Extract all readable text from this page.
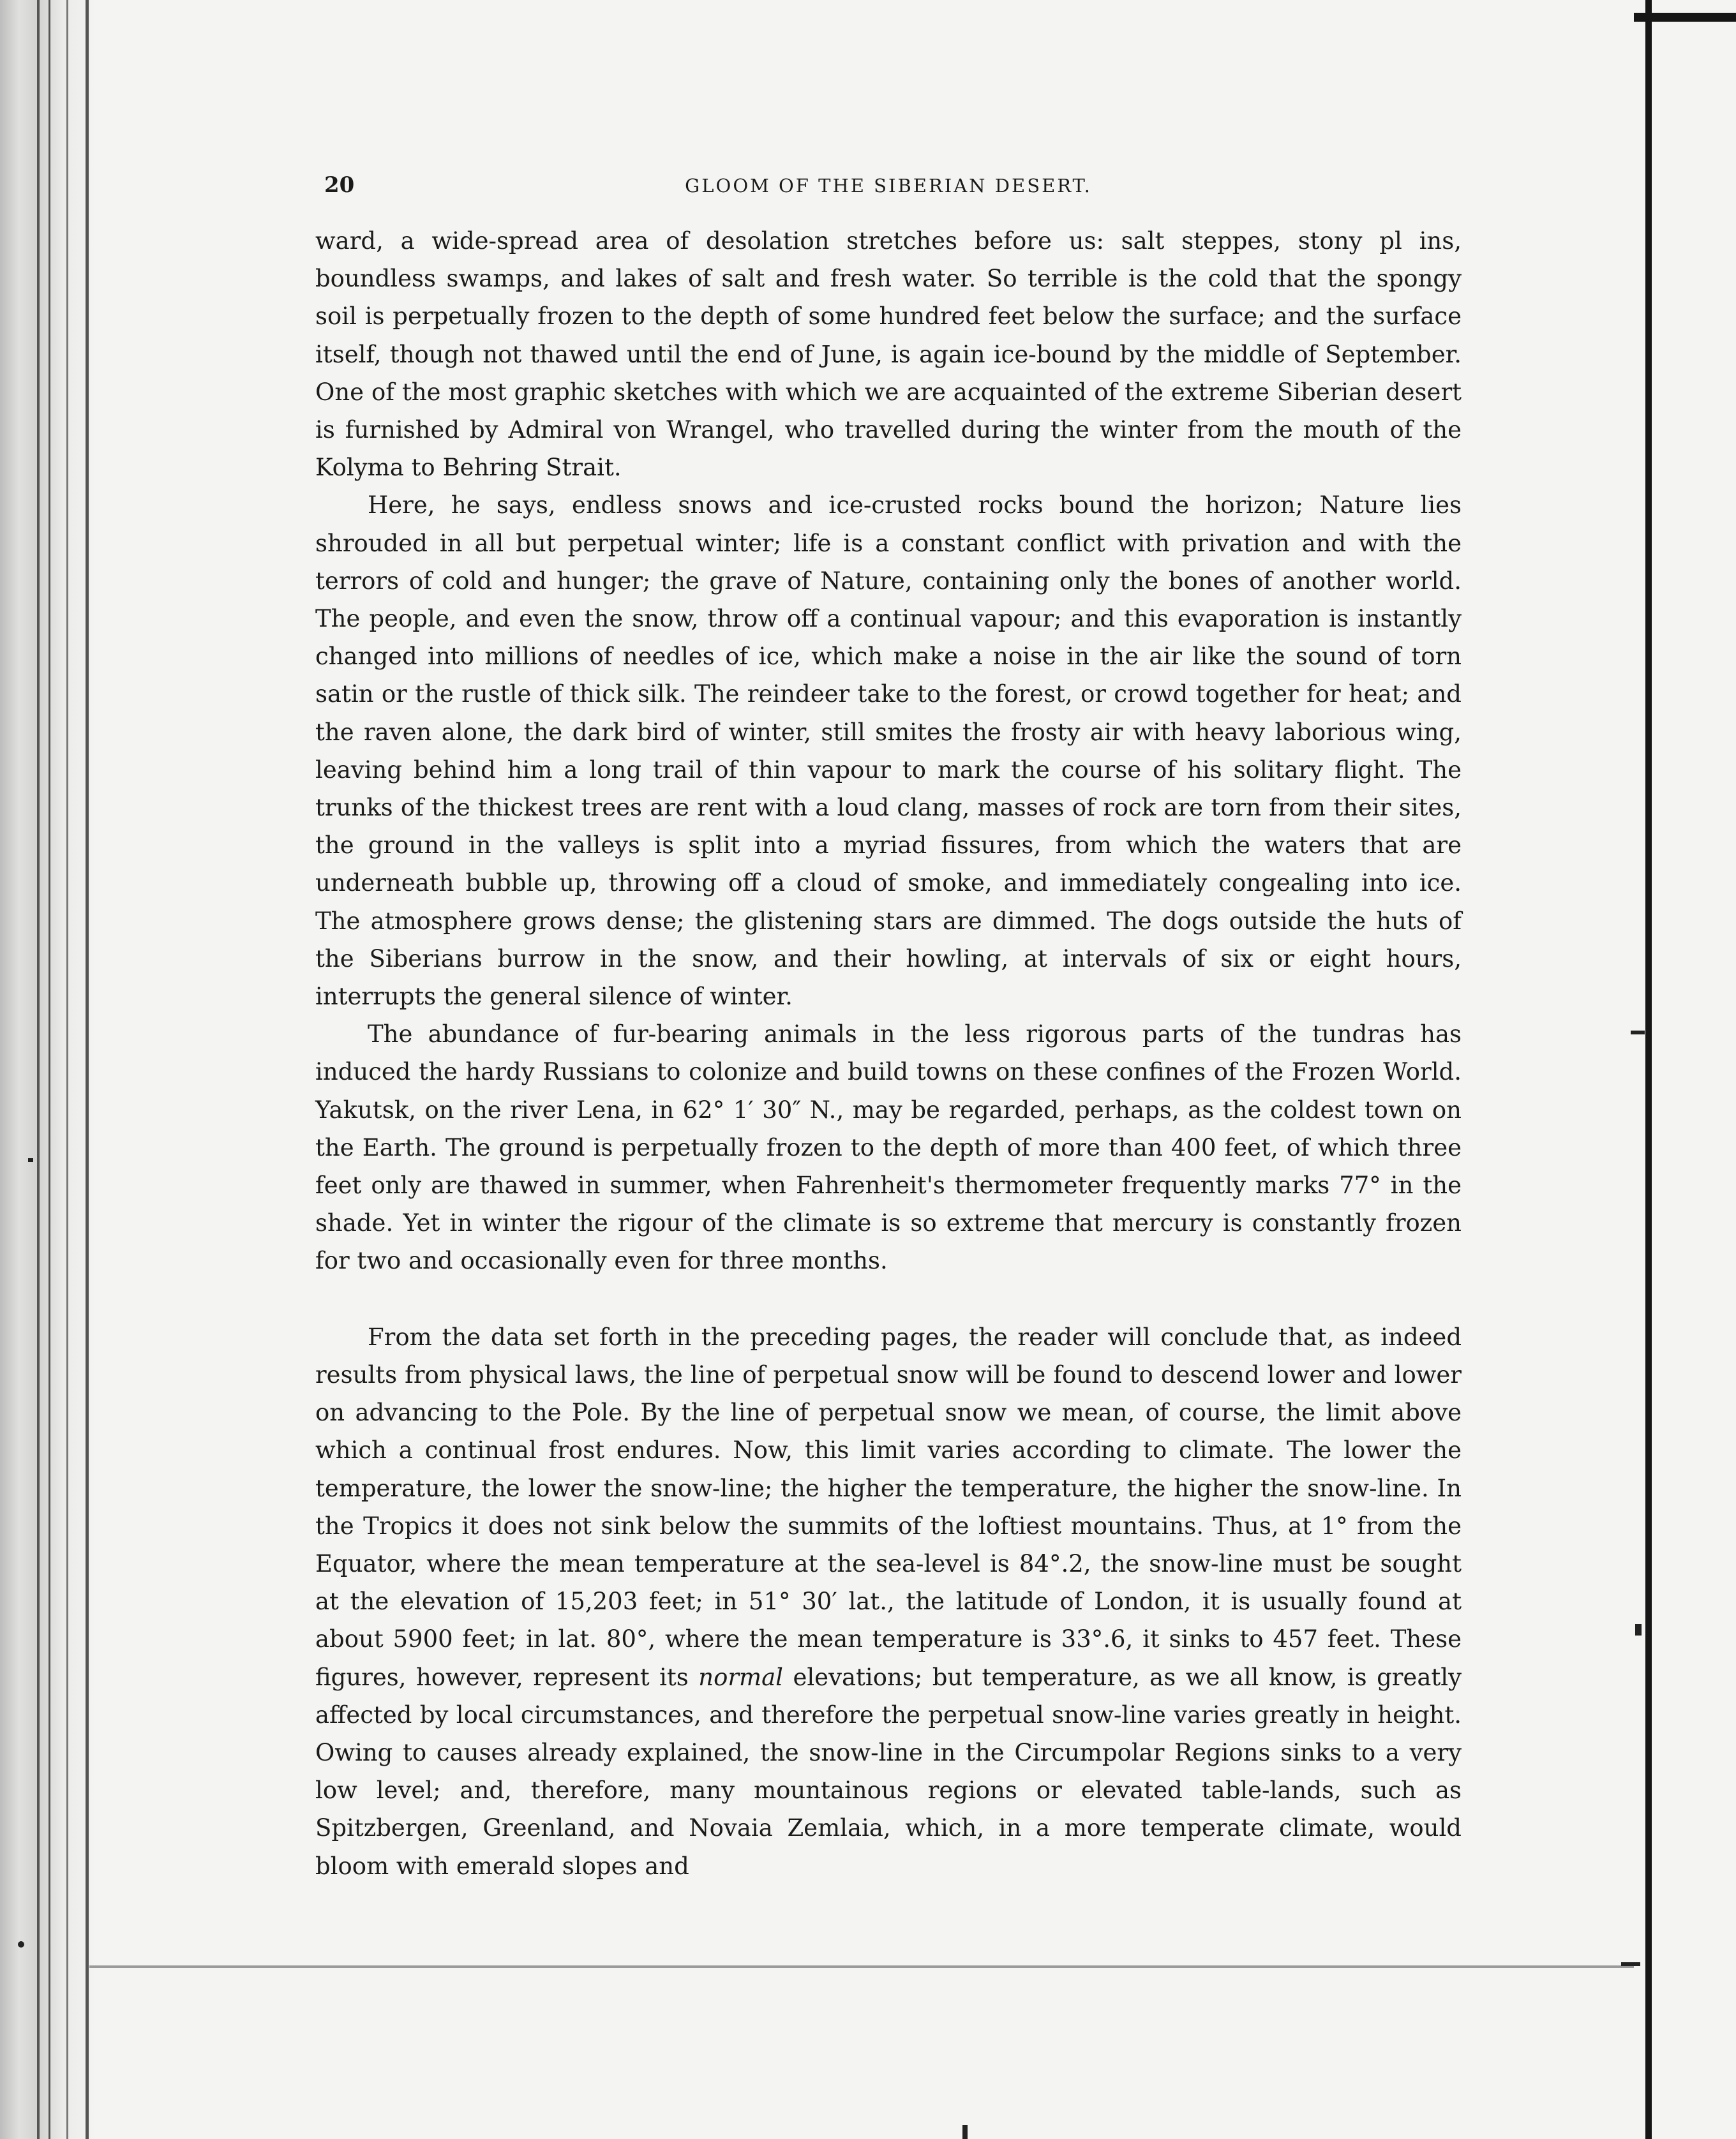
20	GLOOM OF THE SIBERIAN DESERT.

ward, a wide-spread area of desolation stretches before us: salt steppes, stony pl ins, boundless swamps, and lakes of salt and fresh water. So terrible is the cold that the spongy soil is perpetually frozen to the depth of some hundred feet below the surface; and the surface itself, though not thawed until the end of June, is again ice-bound by the middle of September. One of the most graphic sketches with which we are acquainted of the extreme Siberian desert is furnished by Admiral von Wrangel, who travelled during the winter from the mouth of the Kolyma to Behring Strait.

Here, he says, endless snows and ice-crusted rocks bound the horizon; Nature lies shrouded in all but perpetual winter; life is a constant conflict with privation and with the terrors of cold and hunger; the grave of Nature, containing only the bones of another world. The people, and even the snow, throw off a continual vapour; and this evaporation is instantly changed into millions of needles of ice, which make a noise in the air like the sound of torn satin or the rustle of thick silk. The reindeer take to the forest, or crowd together for heat; and the raven alone, the dark bird of winter, still smites the frosty air with heavy laborious wing, leaving behind him a long trail of thin vapour to mark the course of his solitary flight. The trunks of the thickest trees are rent with a loud clang, masses of rock are torn from their sites, the ground in the valleys is split into a myriad fissures, from which the waters that are underneath bubble up, throwing off a cloud of smoke, and immediately congealing into ice. The atmosphere grows dense; the glistening stars are dimmed. The dogs outside the huts of the Siberians burrow in the snow, and their howling, at intervals of six or eight hours, interrupts the general silence of winter.

The abundance of fur-bearing animals in the less rigorous parts of the tundras has induced the hardy Russians to colonize and build towns on these confines of the Frozen World. Yakutsk, on the river Lena, in 62° 1′ 30″ N., may be regarded, perhaps, as the coldest town on the Earth. The ground is perpetually frozen to the depth of more than 400 feet, of which three feet only are thawed in summer, when Fahrenheit's thermometer frequently marks 77° in the shade. Yet in winter the rigour of the climate is so extreme that mercury is constantly frozen for two and occasionally even for three months.

From the data set forth in the preceding pages, the reader will conclude that, as indeed results from physical laws, the line of perpetual snow will be found to descend lower and lower on advancing to the Pole. By the line of perpetual snow we mean, of course, the limit above which a continual frost endures. Now, this limit varies according to climate. The lower the temperature, the lower the snow-line; the higher the temperature, the higher the snow-line. In the Tropics it does not sink below the summits of the loftiest mountains. Thus, at 1° from the Equator, where the mean temperature at the sea-level is 84°.2, the snow-line must be sought at the elevation of 15,203 feet; in 51° 30′ lat., the latitude of London, it is usually found at about 5900 feet; in lat. 80°, where the mean temperature is 33°.6, it sinks to 457 feet. These figures, however, represent its normal elevations; but temperature, as we all know, is greatly affected by local circumstances, and therefore the perpetual snow-line varies greatly in height. Owing to causes already explained, the snow-line in the Circumpolar Regions sinks to a very low level; and, therefore, many mountainous regions or elevated table-lands, such as Spitzbergen, Greenland, and Novaia Zemlaia, which, in a more temperate climate, would bloom with emerald slopes and
